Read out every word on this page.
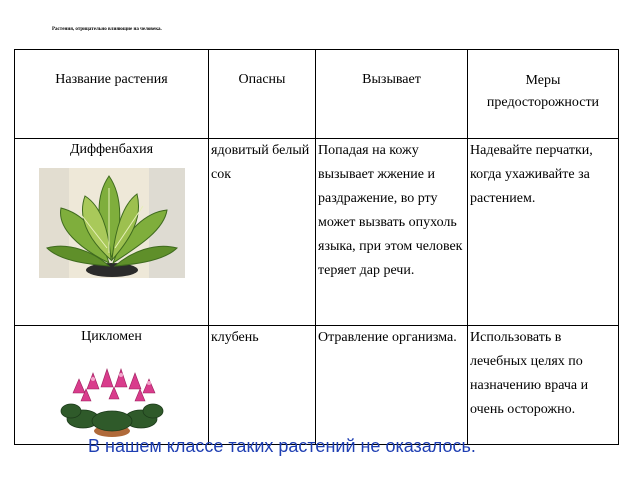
Растения, отрицательно влияющие на человека.
Название растения	Опасны	Вызывает	Меры предосторожности

Диффенбахия	ядовитый белый сок	Попадая на кожу вызывает жжение и раздражение, во рту может вызвать опухоль языка, при этом человек теряет дар речи.	Надевайте перчатки, когда ухаживайте за растением.

Цикломен	клубень	Отравление организма.	Использовать в лечебных целях по назначению врача и очень осторожно.
В нашем классе таких растений не оказалось.
